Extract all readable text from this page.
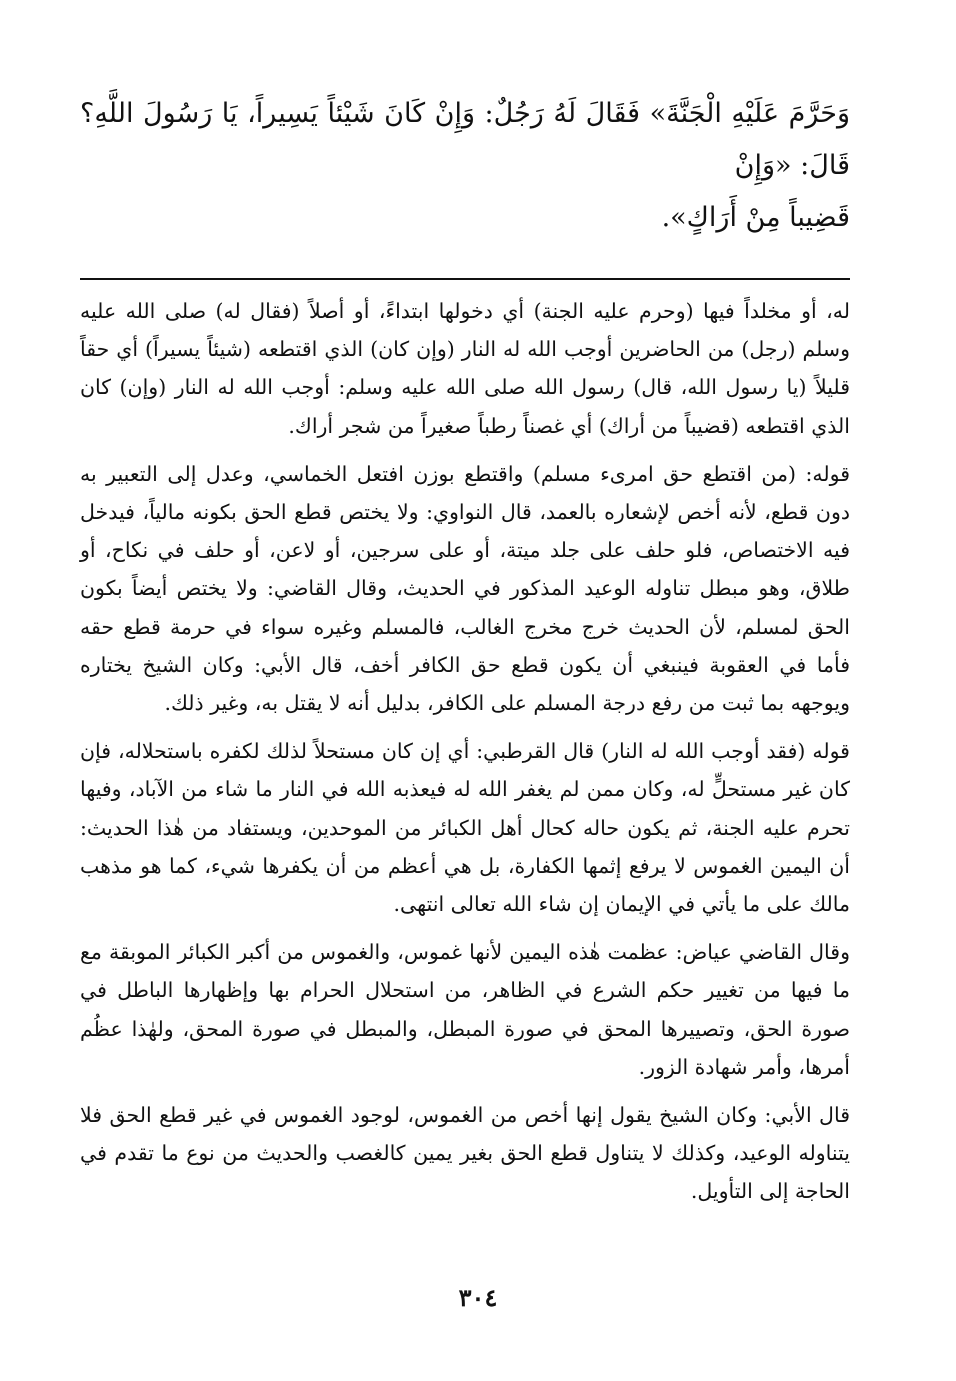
وَحَرَّمَ عَلَيْهِ الْجَنَّةَ» فَقَالَ لَهُ رَجُلٌ: وَإِنْ كَانَ شَيْئاً يَسِيراً، يَا رَسُولَ اللَّهِ؟ قَالَ: «وَإِنْ
قَضِيباً مِنْ أَرَاكٍ».

له، أو مخلداً فيها (وحرم عليه الجنة) أي دخولها ابتداءً، أو أصلاً (فقال له) صلى الله عليه وسلم (رجل) من الحاضرين أوجب الله له النار (وإن كان) الذي اقتطعه (شيئاً يسيراً) أي حقاً قليلاً (يا رسول الله، قال) رسول الله صلى الله عليه وسلم: أوجب الله له النار (وإن) كان الذي اقتطعه (قضيباً من أراك) أي غصناً رطباً صغيراً من شجر أراك.

قوله: (من اقتطع حق امرىء مسلم) واقتطع بوزن افتعل الخماسي، وعدل إلى التعبير به دون قطع، لأنه أخص لإشعاره بالعمد، قال النواوي: ولا يختص قطع الحق بكونه مالياً، فيدخل فيه الاختصاص، فلو حلف على جلد ميتة، أو على سرجين، أو لاعن، أو حلف في نكاح، أو طلاق، وهو مبطل تناوله الوعيد المذكور في الحديث، وقال القاضي: ولا يختص أيضاً بكون الحق لمسلم، لأن الحديث خرج مخرج الغالب، فالمسلم وغيره سواء في حرمة قطع حقه فأما في العقوبة فينبغي أن يكون قطع حق الكافر أخف، قال الأبي: وكان الشيخ يختاره ويوجهه بما ثبت من رفع درجة المسلم على الكافر، بدليل أنه لا يقتل به، وغير ذلك.

قوله (فقد أوجب الله له النار) قال القرطبي: أي إن كان مستحلاً لذلك لكفره باستحلاله، فإن كان غير مستحلٍّ له، وكان ممن لم يغفر الله له فيعذبه الله في النار ما شاء من الآباد، وفيها تحرم عليه الجنة، ثم يكون حاله كحال أهل الكبائر من الموحدين، ويستفاد من هٰذا الحديث: أن اليمين الغموس لا يرفع إثمها الكفارة، بل هي أعظم من أن يكفرها شيء، كما هو مذهب مالك على ما يأتي في الإيمان إن شاء الله تعالى انتهى.

وقال القاضي عياض: عظمت هٰذه اليمين لأنها غموس، والغموس من أكبر الكبائر الموبقة مع ما فيها من تغيير حكم الشرع في الظاهر، من استحلال الحرام بها وإظهارها الباطل في صورة الحق، وتصييرها المحق في صورة المبطل، والمبطل في صورة المحق، ولهٰذا عظُم أمرها، وأمر شهادة الزور.

قال الأبي: وكان الشيخ يقول إنها أخص من الغموس، لوجود الغموس في غير قطع الحق فلا يتناوله الوعيد، وكذلك لا يتناول قطع الحق بغير يمين كالغصب والحديث من نوع ما تقدم في الحاجة إلى التأويل.

٣٠٤
